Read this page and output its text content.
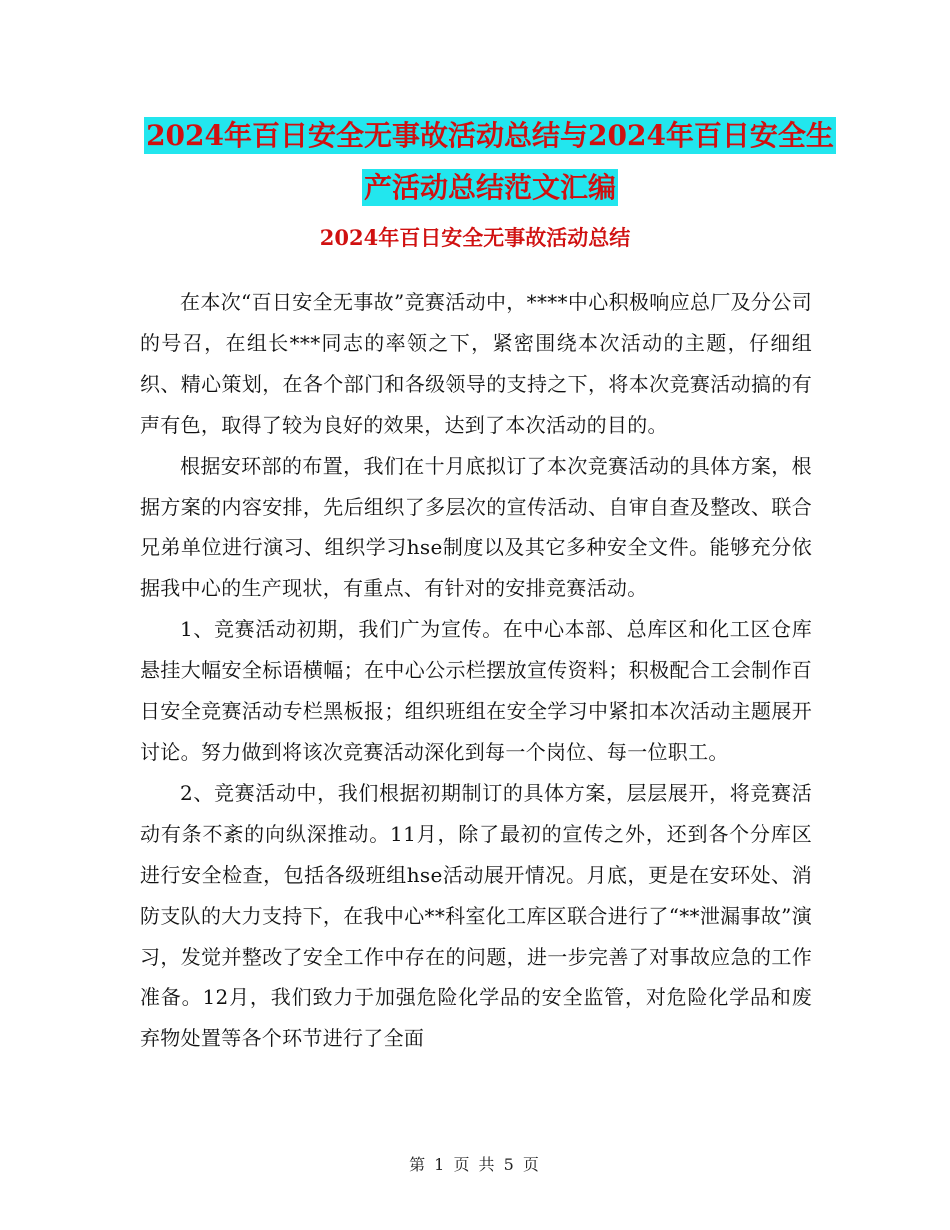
2024年百日安全无事故活动总结与2024年百日安全生
产活动总结范文汇编
2024年百日安全无事故活动总结

在本次“百日安全无事故”竞赛活动中，****中心积极响应总厂及分公司的号召，在组长***同志的率领之下，紧密围绕本次活动的主题，仔细组织、精心策划，在各个部门和各级领导的支持之下，将本次竞赛活动搞的有声有色，取得了较为良好的效果，达到了本次活动的目的。

根据安环部的布置，我们在十月底拟订了本次竞赛活动的具体方案，根据方案的内容安排，先后组织了多层次的宣传活动、自审自查及整改、联合兄弟单位进行演习、组织学习hse制度以及其它多种安全文件。能够充分依据我中心的生产现状，有重点、有针对的安排竞赛活动。

1、竞赛活动初期，我们广为宣传。在中心本部、总库区和化工区仓库悬挂大幅安全标语横幅；在中心公示栏摆放宣传资料；积极配合工会制作百日安全竞赛活动专栏黑板报；组织班组在安全学习中紧扣本次活动主题展开讨论。努力做到将该次竞赛活动深化到每一个岗位、每一位职工。

2、竞赛活动中，我们根据初期制订的具体方案，层层展开，将竞赛活动有条不紊的向纵深推动。11月，除了最初的宣传之外，还到各个分库区进行安全检查，包括各级班组hse活动展开情况。月底，更是在安环处、消防支队的大力支持下，在我中心**科室化工库区联合进行了“**泄漏事故”演习，发觉并整改了安全工作中存在的问题，进一步完善了对事故应急的工作准备。12月，我们致力于加强危险化学品的安全监管，对危险化学品和废弃物处置等各个环节进行了全面

第 1 页 共 5 页
